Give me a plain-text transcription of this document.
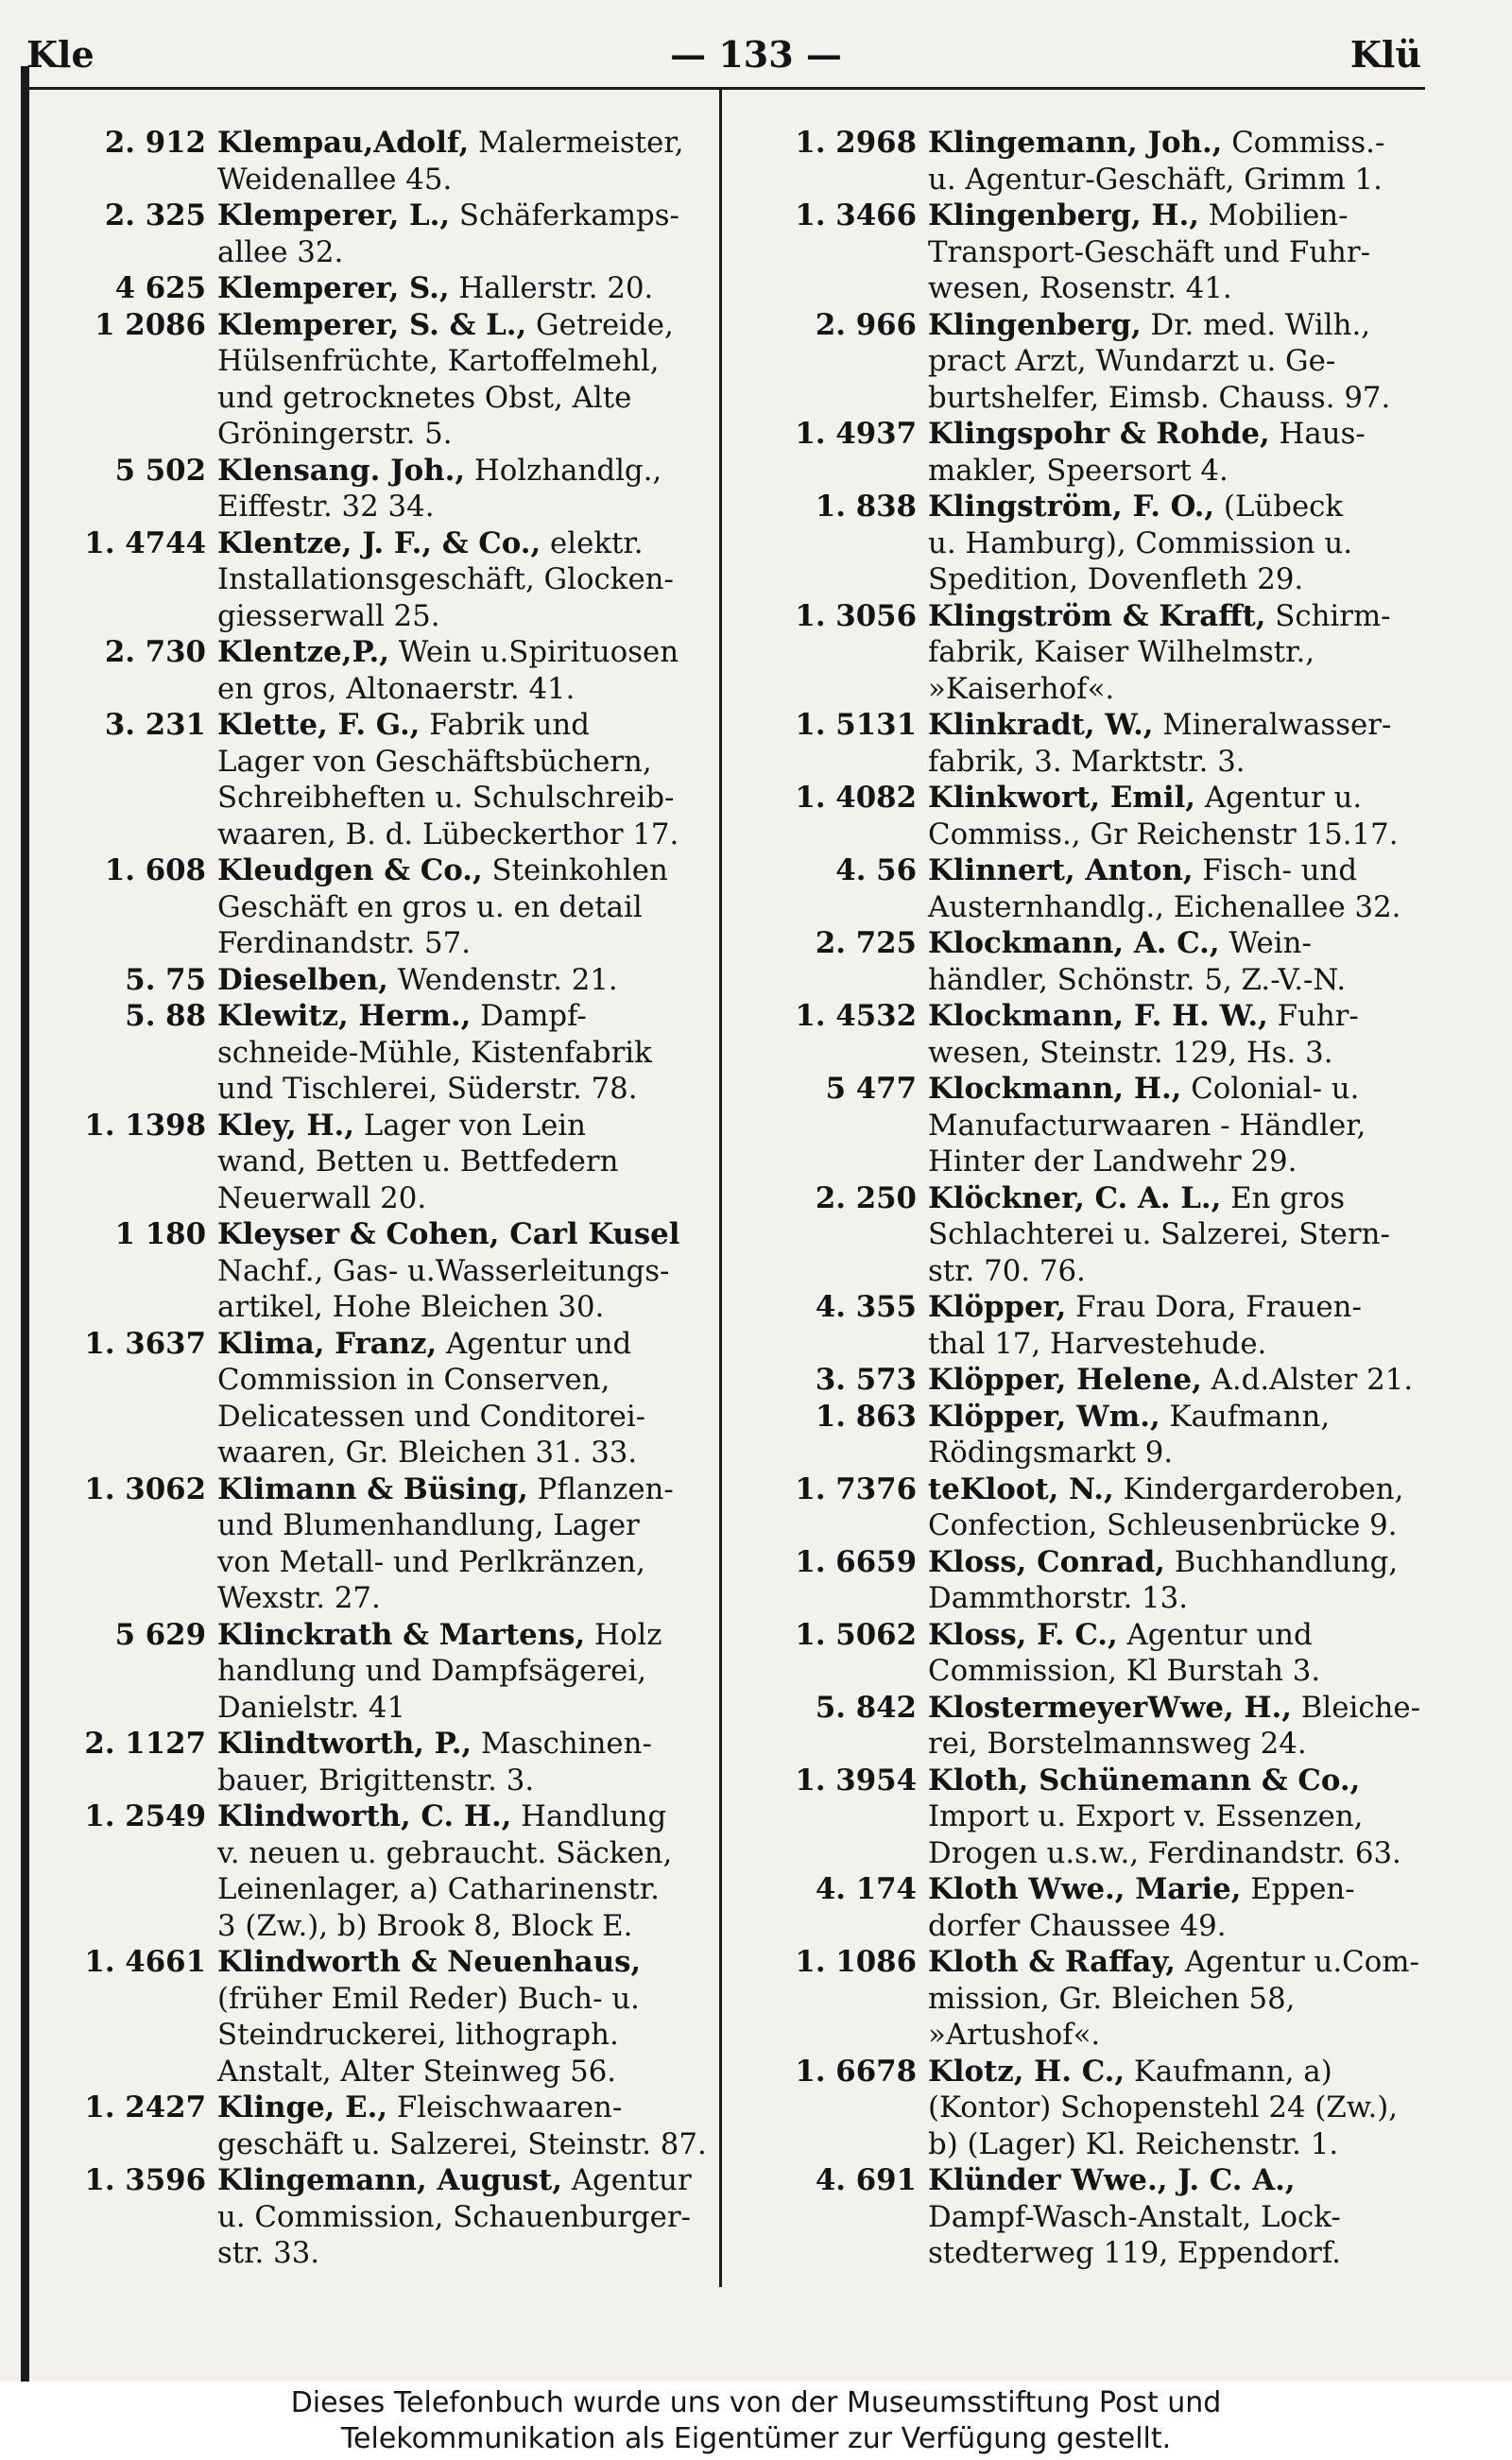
Kle	— 133 —	Klü
2. 912 Klempau,Adolf, Malermeister,
Weidenallee 45.
2. 325 Klemperer, L., Schäferkamps-
allee 32.
4 625 Klemperer, S., Hallerstr. 20.
1 2086 Klemperer, S. & L., Getreide,
Hülsenfrüchte, Kartoffelmehl,
und getrocknetes Obst, Alte
Gröningerstr. 5.
5 502 Klensang. Joh., Holzhandlg.,
Eiffestr. 32 34.
1. 4744 Klentze, J. F., & Co., elektr.
Installationsgeschäft, Glocken-
giesserwall 25.
2. 730 Klentze,P., Wein u.Spirituosen
en gros, Altonaerstr. 41.
3. 231 Klette, F. G., Fabrik und
Lager von Geschäftsbüchern,
Schreibheften u. Schulschreib-
waaren, B. d. Lübeckerthor 17.
1. 608 Kleudgen & Co., Steinkohlen
Geschäft en gros u. en detail
Ferdinandstr. 57.
5. 75 Dieselben, Wendenstr. 21.
5. 88 Klewitz, Herm., Dampf-
schneide-Mühle, Kistenfabrik
und Tischlerei, Süderstr. 78.
1. 1398 Kley, H., Lager von Lein
wand, Betten u. Bettfedern
Neuerwall 20.
1 180 Kleyser & Cohen, Carl Kusel
Nachf., Gas- u.Wasserleitungs-
artikel, Hohe Bleichen 30.
1. 3637 Klima, Franz, Agentur und
Commission in Conserven,
Delicatessen und Conditorei-
waaren, Gr. Bleichen 31. 33.
1. 3062 Klimann & Büsing, Pflanzen-
und Blumenhandlung, Lager
von Metall- und Perlkränzen,
Wexstr. 27.
5 629 Klinckrath & Martens, Holz
handlung und Dampfsägerei,
Danielstr. 41
2. 1127 Klindtworth, P., Maschinen-
bauer, Brigittenstr. 3.
1. 2549 Klindworth, C. H., Handlung
v. neuen u. gebraucht. Säcken,
Leinenlager, a) Catharinenstr.
3 (Zw.), b) Brook 8, Block E.
1. 4661 Klindworth & Neuenhaus,
(früher Emil Reder) Buch- u.
Steindruckerei, lithograph.
Anstalt, Alter Steinweg 56.
1. 2427 Klinge, E., Fleischwaaren-
geschäft u. Salzerei, Steinstr. 87.
1. 3596 Klingemann, August, Agentur
u. Commission, Schauenburger-
str. 33.
1. 2968 Klingemann, Joh., Commiss.-
u. Agentur-Geschäft, Grimm 1.
1. 3466 Klingenberg, H., Mobilien-
Transport-Geschäft und Fuhr-
wesen, Rosenstr. 41.
2. 966 Klingenberg, Dr. med. Wilh.,
pract Arzt, Wundarzt u. Ge-
burtshelfer, Eimsb. Chauss. 97.
1. 4937 Klingspohr & Rohde, Haus-
makler, Speersort 4.
1. 838 Klingström, F. O., (Lübeck
u. Hamburg), Commission u.
Spedition, Dovenfleth 29.
1. 3056 Klingström & Krafft, Schirm-
fabrik, Kaiser Wilhelmstr.,
»Kaiserhof«.
1. 5131 Klinkradt, W., Mineralwasser-
fabrik, 3. Marktstr. 3.
1. 4082 Klinkwort, Emil, Agentur u.
Commiss., Gr Reichenstr 15.17.
4. 56 Klinnert, Anton, Fisch- und
Austernhandlg., Eichenallee 32.
2. 725 Klockmann, A. C., Wein-
händler, Schönstr. 5, Z.-V.-N.
1. 4532 Klockmann, F. H. W., Fuhr-
wesen, Steinstr. 129, Hs. 3.
5 477 Klockmann, H., Colonial- u.
Manufacturwaaren - Händler,
Hinter der Landwehr 29.
2. 250 Klöckner, C. A. L., En gros
Schlachterei u. Salzerei, Stern-
str. 70. 76.
4. 355 Klöpper, Frau Dora, Frauen-
thal 17, Harvestehude.
3. 573 Klöpper, Helene, A.d.Alster 21.
1. 863 Klöpper, Wm., Kaufmann,
Rödingsmarkt 9.
1. 7376 teKloot, N., Kindergarderoben,
Confection, Schleusenbrücke 9.
1. 6659 Kloss, Conrad, Buchhandlung,
Dammthorstr. 13.
1. 5062 Kloss, F. C., Agentur und
Commission, Kl Burstah 3.
5. 842 KlostermeyerWwe, H., Bleiche-
rei, Borstelmannsweg 24.
1. 3954 Kloth, Schünemann & Co.,
Import u. Export v. Essenzen,
Drogen u.s.w., Ferdinandstr. 63.
4. 174 Kloth Wwe., Marie, Eppen-
dorfer Chaussee 49.
1. 1086 Kloth & Raffay, Agentur u.Com-
mission, Gr. Bleichen 58,
»Artushof«.
1. 6678 Klotz, H. C., Kaufmann, a)
(Kontor) Schopenstehl 24 (Zw.),
b) (Lager) Kl. Reichenstr. 1.
4. 691 Klünder Wwe., J. C. A.,
Dampf-Wasch-Anstalt, Lock-
stedterweg 119, Eppendorf.
Dieses Telefonbuch wurde uns von der Museumsstiftung Post und
Telekommunikation als Eigentümer zur Verfügung gestellt.
